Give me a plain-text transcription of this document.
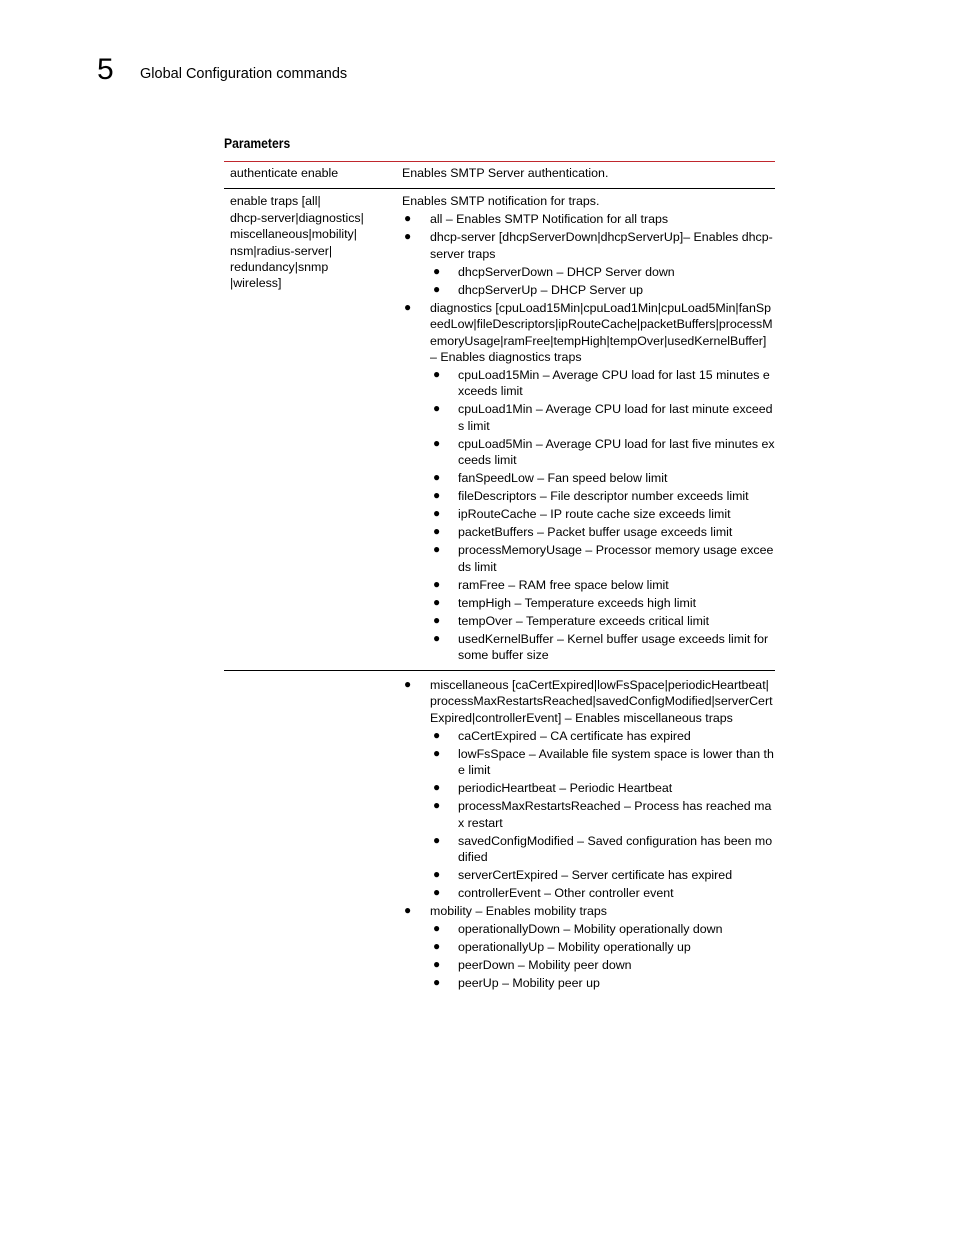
5 Global Configuration commands
Parameters
authenticate enable	Enables SMTP Server authentication.
enable traps [all|
dhcp-server|diagnostics|
miscellaneous|mobility|
nsm|radius-server|
redundancy|snmp
|wireless]
Enables SMTP notification for traps.
● all – Enables SMTP Notification for all traps
● dhcp-server [dhcpServerDown|dhcpServerUp]– Enables dhcp-server traps
● dhcpServerDown – DHCP Server down
● dhcpServerUp – DHCP Server up
● diagnostics [cpuLoad15Min|cpuLoad1Min|cpuLoad5Min|fanSpeedLow|fileDescriptors|ipRouteCache|packetBuffers|processMemoryUsage|ramFree|tempHigh|tempOver|usedKernelBuffer] – Enables diagnostics traps
● cpuLoad15Min – Average CPU load for last 15 minutes exceeds limit
● cpuLoad1Min – Average CPU load for last minute exceeds limit
● cpuLoad5Min – Average CPU load for last five minutes exceeds limit
● fanSpeedLow – Fan speed below limit
● fileDescriptors – File descriptor number exceeds limit
● ipRouteCache – IP route cache size exceeds limit
● packetBuffers – Packet buffer usage exceeds limit
● processMemoryUsage – Processor memory usage exceeds limit
● ramFree – RAM free space below limit
● tempHigh – Temperature exceeds high limit
● tempOver – Temperature exceeds critical limit
● usedKernelBuffer – Kernel buffer usage exceeds limit for some buffer size
● miscellaneous [caCertExpired|lowFsSpace|periodicHeartbeat|processMaxRestartsReached|savedConfigModified|serverCertExpired|controllerEvent] – Enables miscellaneous traps
● caCertExpired – CA certificate has expired
● lowFsSpace – Available file system space is lower than the limit
● periodicHeartbeat – Periodic Heartbeat
● processMaxRestartsReached – Process has reached max restart
● savedConfigModified – Saved configuration has been modified
● serverCertExpired – Server certificate has expired
● controllerEvent – Other controller event
● mobility – Enables mobility traps
● operationallyDown – Mobility operationally down
● operationallyUp – Mobility operationally up
● peerDown – Mobility peer down
● peerUp – Mobility peer up
